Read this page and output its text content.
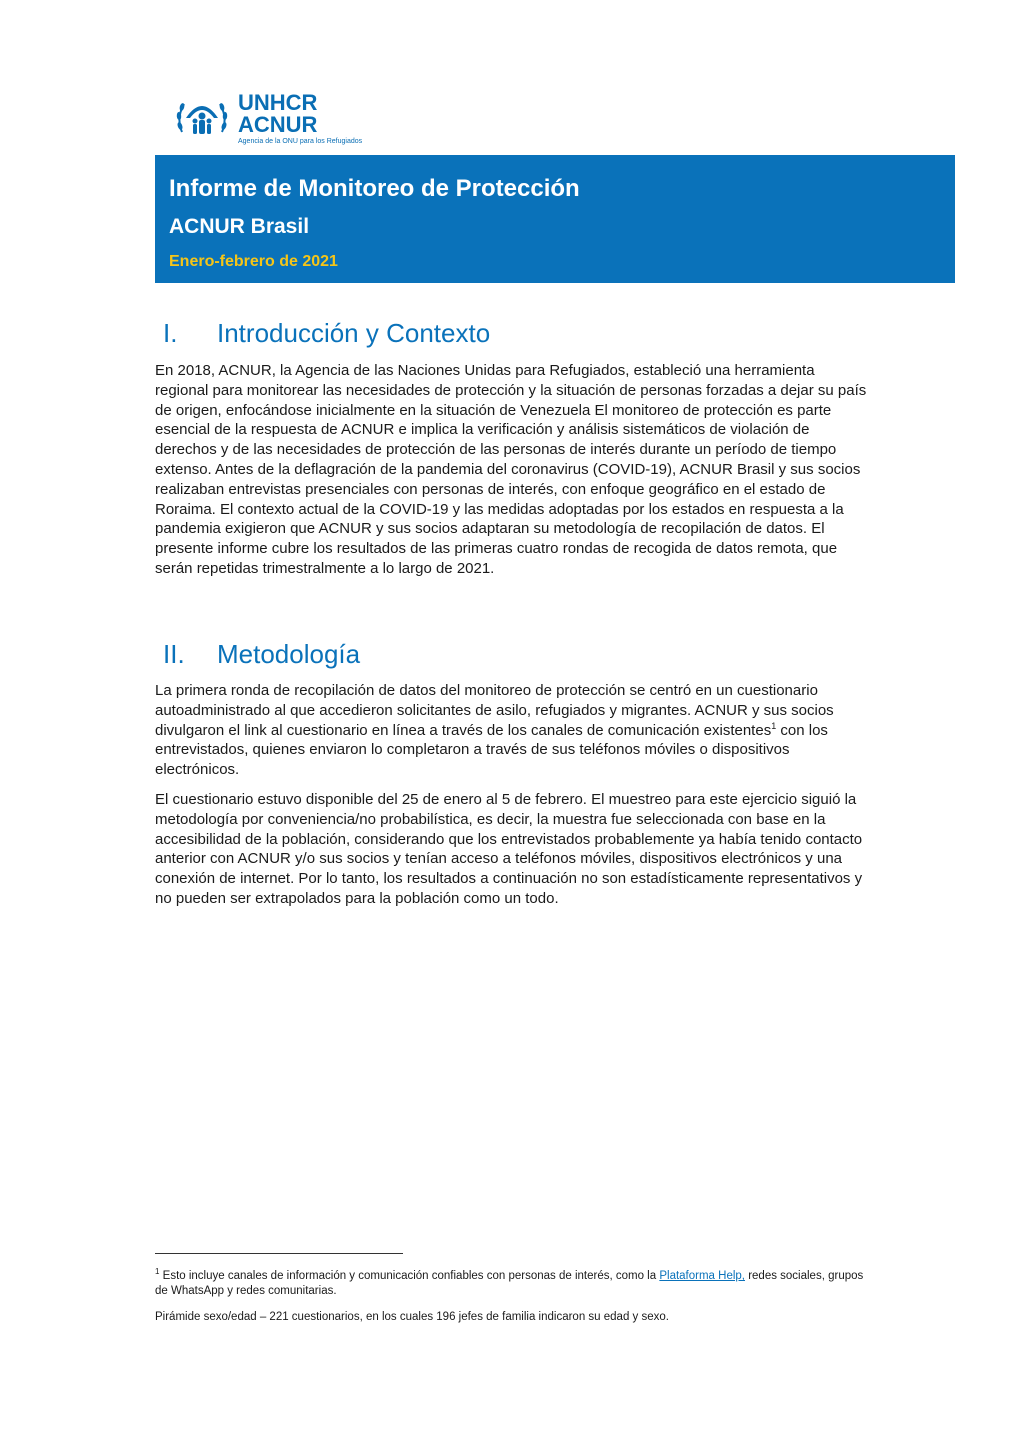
UNHCR
ACNUR
Agencia de la ONU para los Refugiados
Informe de Monitoreo de Protección
ACNUR Brasil
Enero-febrero de 2021
I. Introducción y Contexto

En 2018, ACNUR, la Agencia de las Naciones Unidas para Refugiados, estableció una herramienta regional para monitorear las necesidades de protección y la situación de personas forzadas a dejar su país de origen, enfocándose inicialmente en la situación de Venezuela El monitoreo de protección es parte esencial de la respuesta de ACNUR e implica la verificación y análisis sistemáticos de violación de derechos y de las necesidades de protección de las personas de interés durante un período de tiempo extenso. Antes de la deflagración de la pandemia del coronavirus (COVID-19), ACNUR Brasil y sus socios realizaban entrevistas presenciales con personas de interés, con enfoque geográfico en el estado de Roraima. El contexto actual de la COVID-19 y las medidas adoptadas por los estados en respuesta a la pandemia exigieron que ACNUR y sus socios adaptaran su metodología de recopilación de datos. El presente informe cubre los resultados de las primeras cuatro rondas de recogida de datos remota, que serán repetidas trimestralmente a lo largo de 2021.

II. Metodología

La primera ronda de recopilación de datos del monitoreo de protección se centró en un cuestionario autoadministrado al que accedieron solicitantes de asilo, refugiados y migrantes. ACNUR y sus socios divulgaron el link al cuestionario en línea a través de los canales de comunicación existentes$^1$ con los entrevistados, quienes enviaron lo completaron a través de sus teléfonos móviles o dispositivos electrónicos.

El cuestionario estuvo disponible del 25 de enero al 5 de febrero. El muestreo para este ejercicio siguió la metodología por conveniencia/no probabilística, es decir, la muestra fue seleccionada con base en la accesibilidad de la población, considerando que los entrevistados probablemente ya había tenido contacto anterior con ACNUR y/o sus socios y tenían acceso a teléfonos móviles, dispositivos electrónicos y una conexión de internet. Por lo tanto, los resultados a continuación no son estadísticamente representativos y no pueden ser extrapolados para la población como un todo.

$^1$ Esto incluye canales de información y comunicación confiables con personas de interés, como la Plataforma Help, redes sociales, grupos de WhatsApp y redes comunitarias.

Pirámide sexo/edad – 221 cuestionarios, en los cuales 196 jefes de familia indicaron su edad y sexo.
